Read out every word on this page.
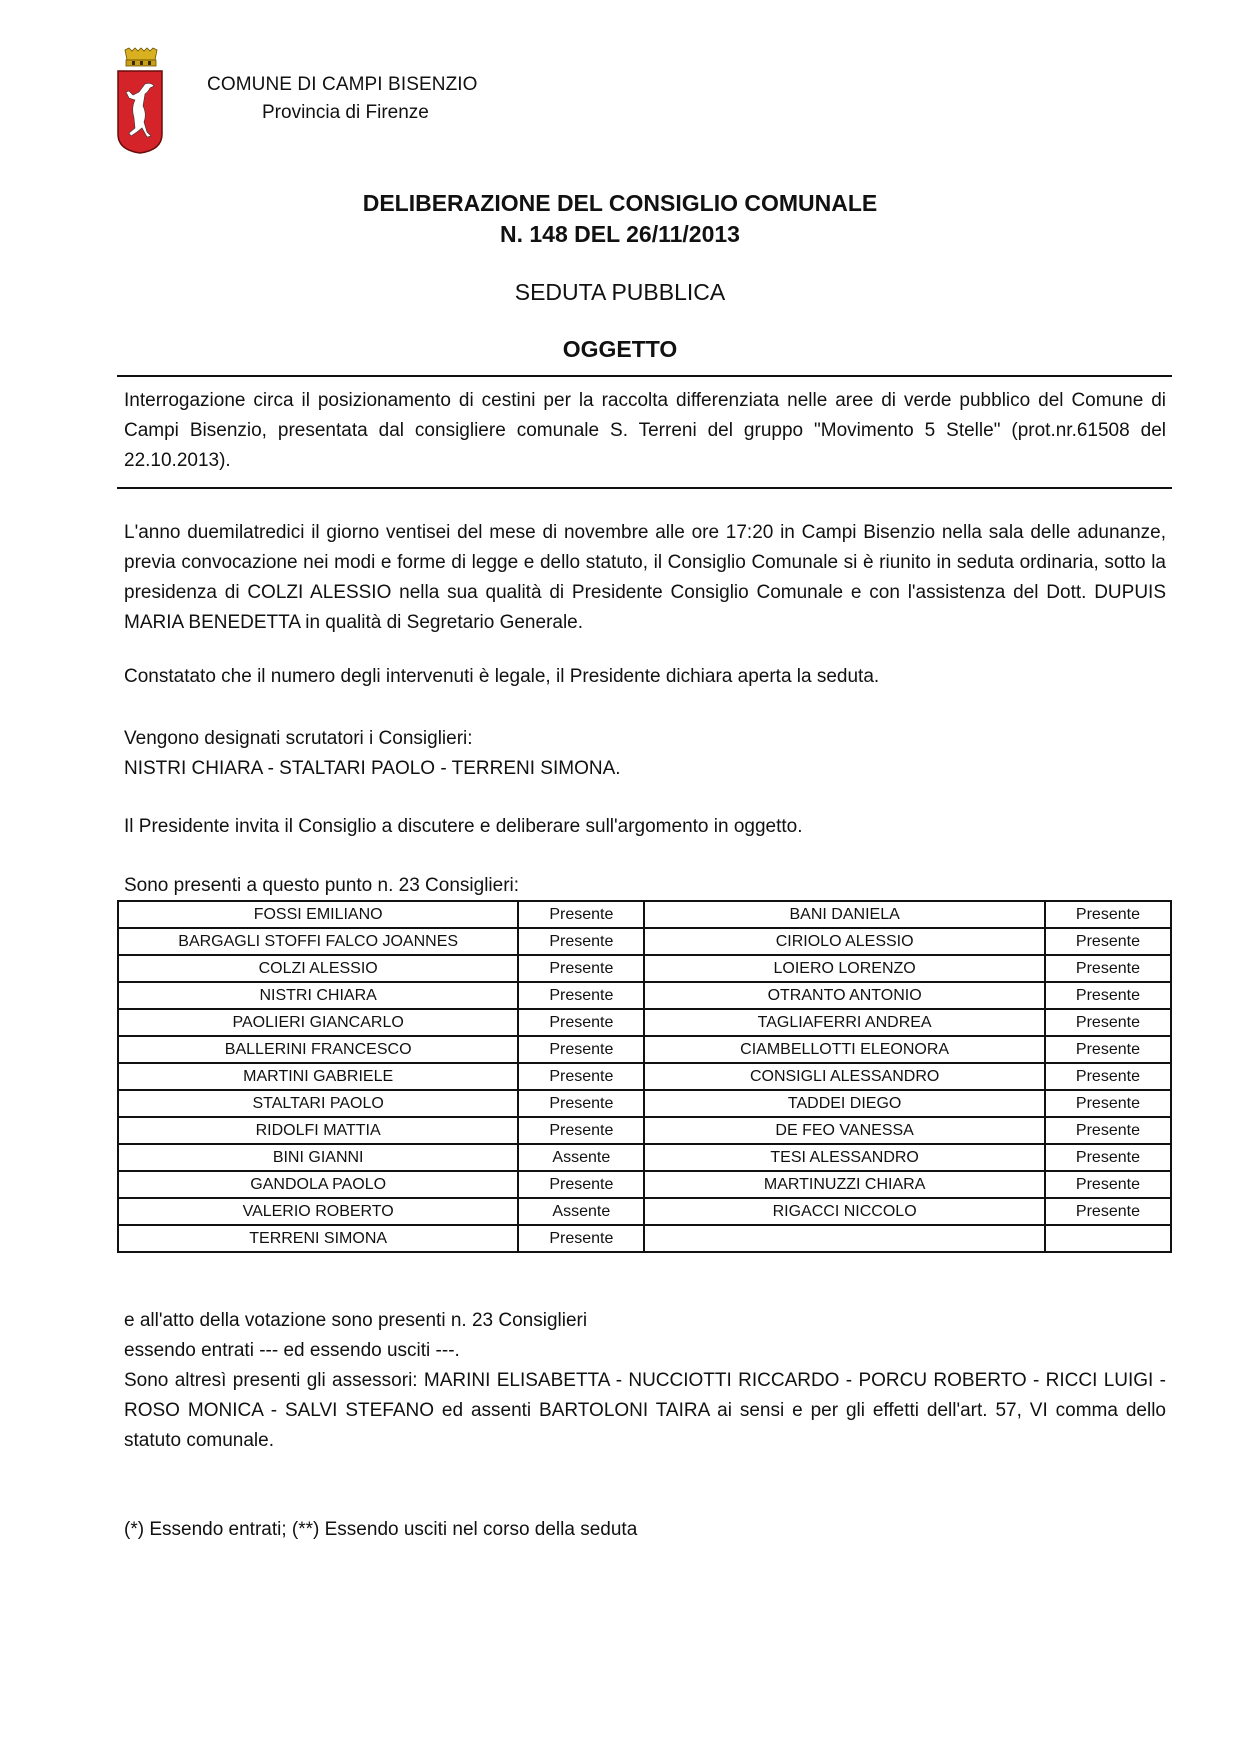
COMUNE DI CAMPI BISENZIO
Provincia di Firenze
DELIBERAZIONE DEL CONSIGLIO COMUNALE
N. 148 DEL 26/11/2013
SEDUTA PUBBLICA
OGGETTO
Interrogazione circa il posizionamento di cestini per la raccolta differenziata nelle aree di verde pubblico del Comune di Campi Bisenzio, presentata dal consigliere comunale S. Terreni del gruppo "Movimento 5 Stelle" (prot.nr.61508 del 22.10.2013).
L'anno duemilatredici il giorno ventisei del mese di novembre alle ore 17:20 in Campi Bisenzio nella sala delle adunanze, previa convocazione nei modi e forme di legge e dello statuto, il Consiglio Comunale si è riunito in seduta ordinaria, sotto la presidenza di COLZI ALESSIO nella sua qualità di Presidente Consiglio Comunale e con l'assistenza del Dott. DUPUIS MARIA BENEDETTA in qualità di Segretario Generale.
Constatato che il numero degli intervenuti è legale, il Presidente dichiara aperta la seduta.
Vengono designati scrutatori i Consiglieri:
NISTRI CHIARA - STALTARI PAOLO - TERRENI SIMONA.
Il Presidente invita il Consiglio a discutere e deliberare sull'argomento in oggetto.
Sono presenti a questo punto n. 23 Consiglieri:
FOSSI EMILIANO	Presente	BANI DANIELA	Presente
BARGAGLI STOFFI FALCO JOANNES	Presente	CIRIOLO ALESSIO	Presente
COLZI ALESSIO	Presente	LOIERO LORENZO	Presente
NISTRI CHIARA	Presente	OTRANTO ANTONIO	Presente
PAOLIERI GIANCARLO	Presente	TAGLIAFERRI ANDREA	Presente
BALLERINI FRANCESCO	Presente	CIAMBELLOTTI ELEONORA	Presente
MARTINI GABRIELE	Presente	CONSIGLI ALESSANDRO	Presente
STALTARI PAOLO	Presente	TADDEI DIEGO	Presente
RIDOLFI MATTIA	Presente	DE FEO VANESSA	Presente
BINI GIANNI	Assente	TESI ALESSANDRO	Presente
GANDOLA PAOLO	Presente	MARTINUZZI CHIARA	Presente
VALERIO ROBERTO	Assente	RIGACCI NICCOLO	Presente
TERRENI SIMONA	Presente		
e all'atto della votazione sono presenti n. 23 Consiglieri
essendo entrati --- ed essendo usciti ---.
Sono altresì presenti gli assessori: MARINI ELISABETTA - NUCCIOTTI RICCARDO - PORCU ROBERTO - RICCI LUIGI - ROSO MONICA - SALVI STEFANO ed assenti BARTOLONI TAIRA ai sensi e per gli effetti dell'art. 57, VI comma dello statuto comunale.
(*) Essendo entrati; (**) Essendo usciti nel corso della seduta
